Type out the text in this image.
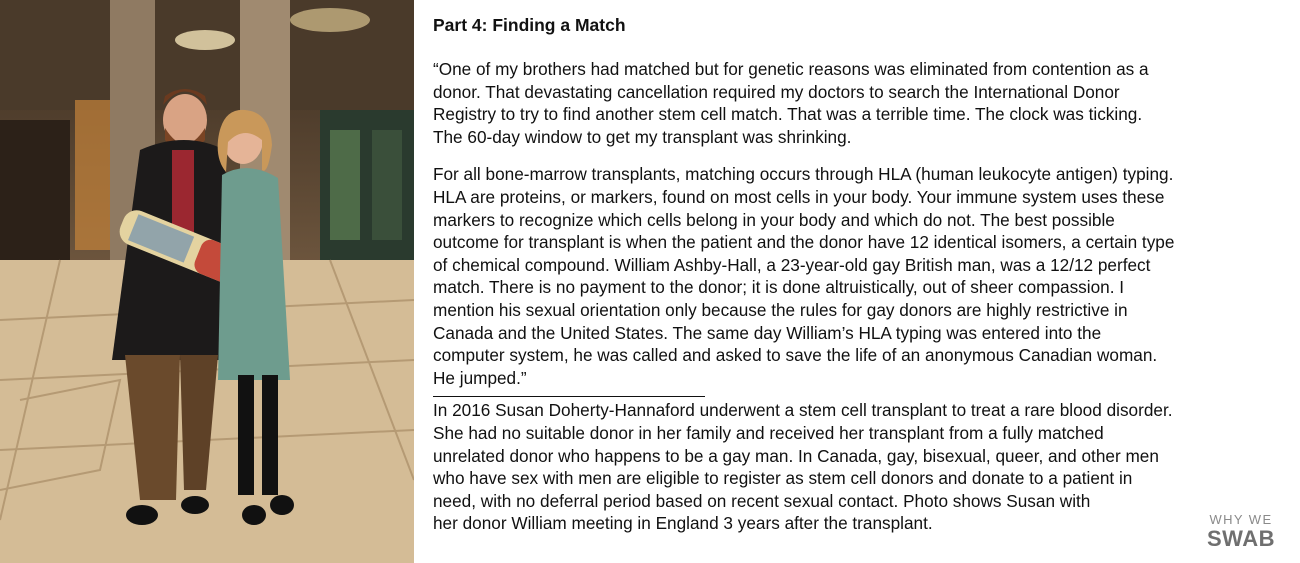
Part 4: Finding a Match

“One of my brothers had matched but for genetic reasons was eliminated from contention as a
donor. That devastating cancellation required my doctors to search the International Donor
Registry to try to find another stem cell match. That was a terrible time. The clock was ticking.
The 60-day window to get my transplant was shrinking.

For all bone-marrow transplants, matching occurs through HLA (human leukocyte antigen) typing.
HLA are proteins, or markers, found on most cells in your body. Your immune system uses these
markers to recognize which cells belong in your body and which do not. The best possible
outcome for transplant is when the patient and the donor have 12 identical isomers, a certain type
of chemical compound. William Ashby-Hall, a 23-year-old gay British man, was a 12/12 perfect
match. There is no payment to the donor; it is done altruistically, out of sheer compassion. I
mention his sexual orientation only because the rules for gay donors are highly restrictive in
Canada and the United States. The same day William’s HLA typing was entered into the
computer system, he was called and asked to save the life of an anonymous Canadian woman.
He jumped.”

In 2016 Susan Doherty-Hannaford underwent a stem cell transplant to treat a rare blood disorder.
She had no suitable donor in her family and received her transplant from a fully matched
unrelated donor who happens to be a gay man. In Canada, gay, bisexual, queer, and other men
who have sex with men are eligible to register as stem cell donors and donate to a patient in
need, with no deferral period based on recent sexual contact. Photo shows Susan with
her donor William meeting in England 3 years after the transplant.	WHY WE
SWAB
